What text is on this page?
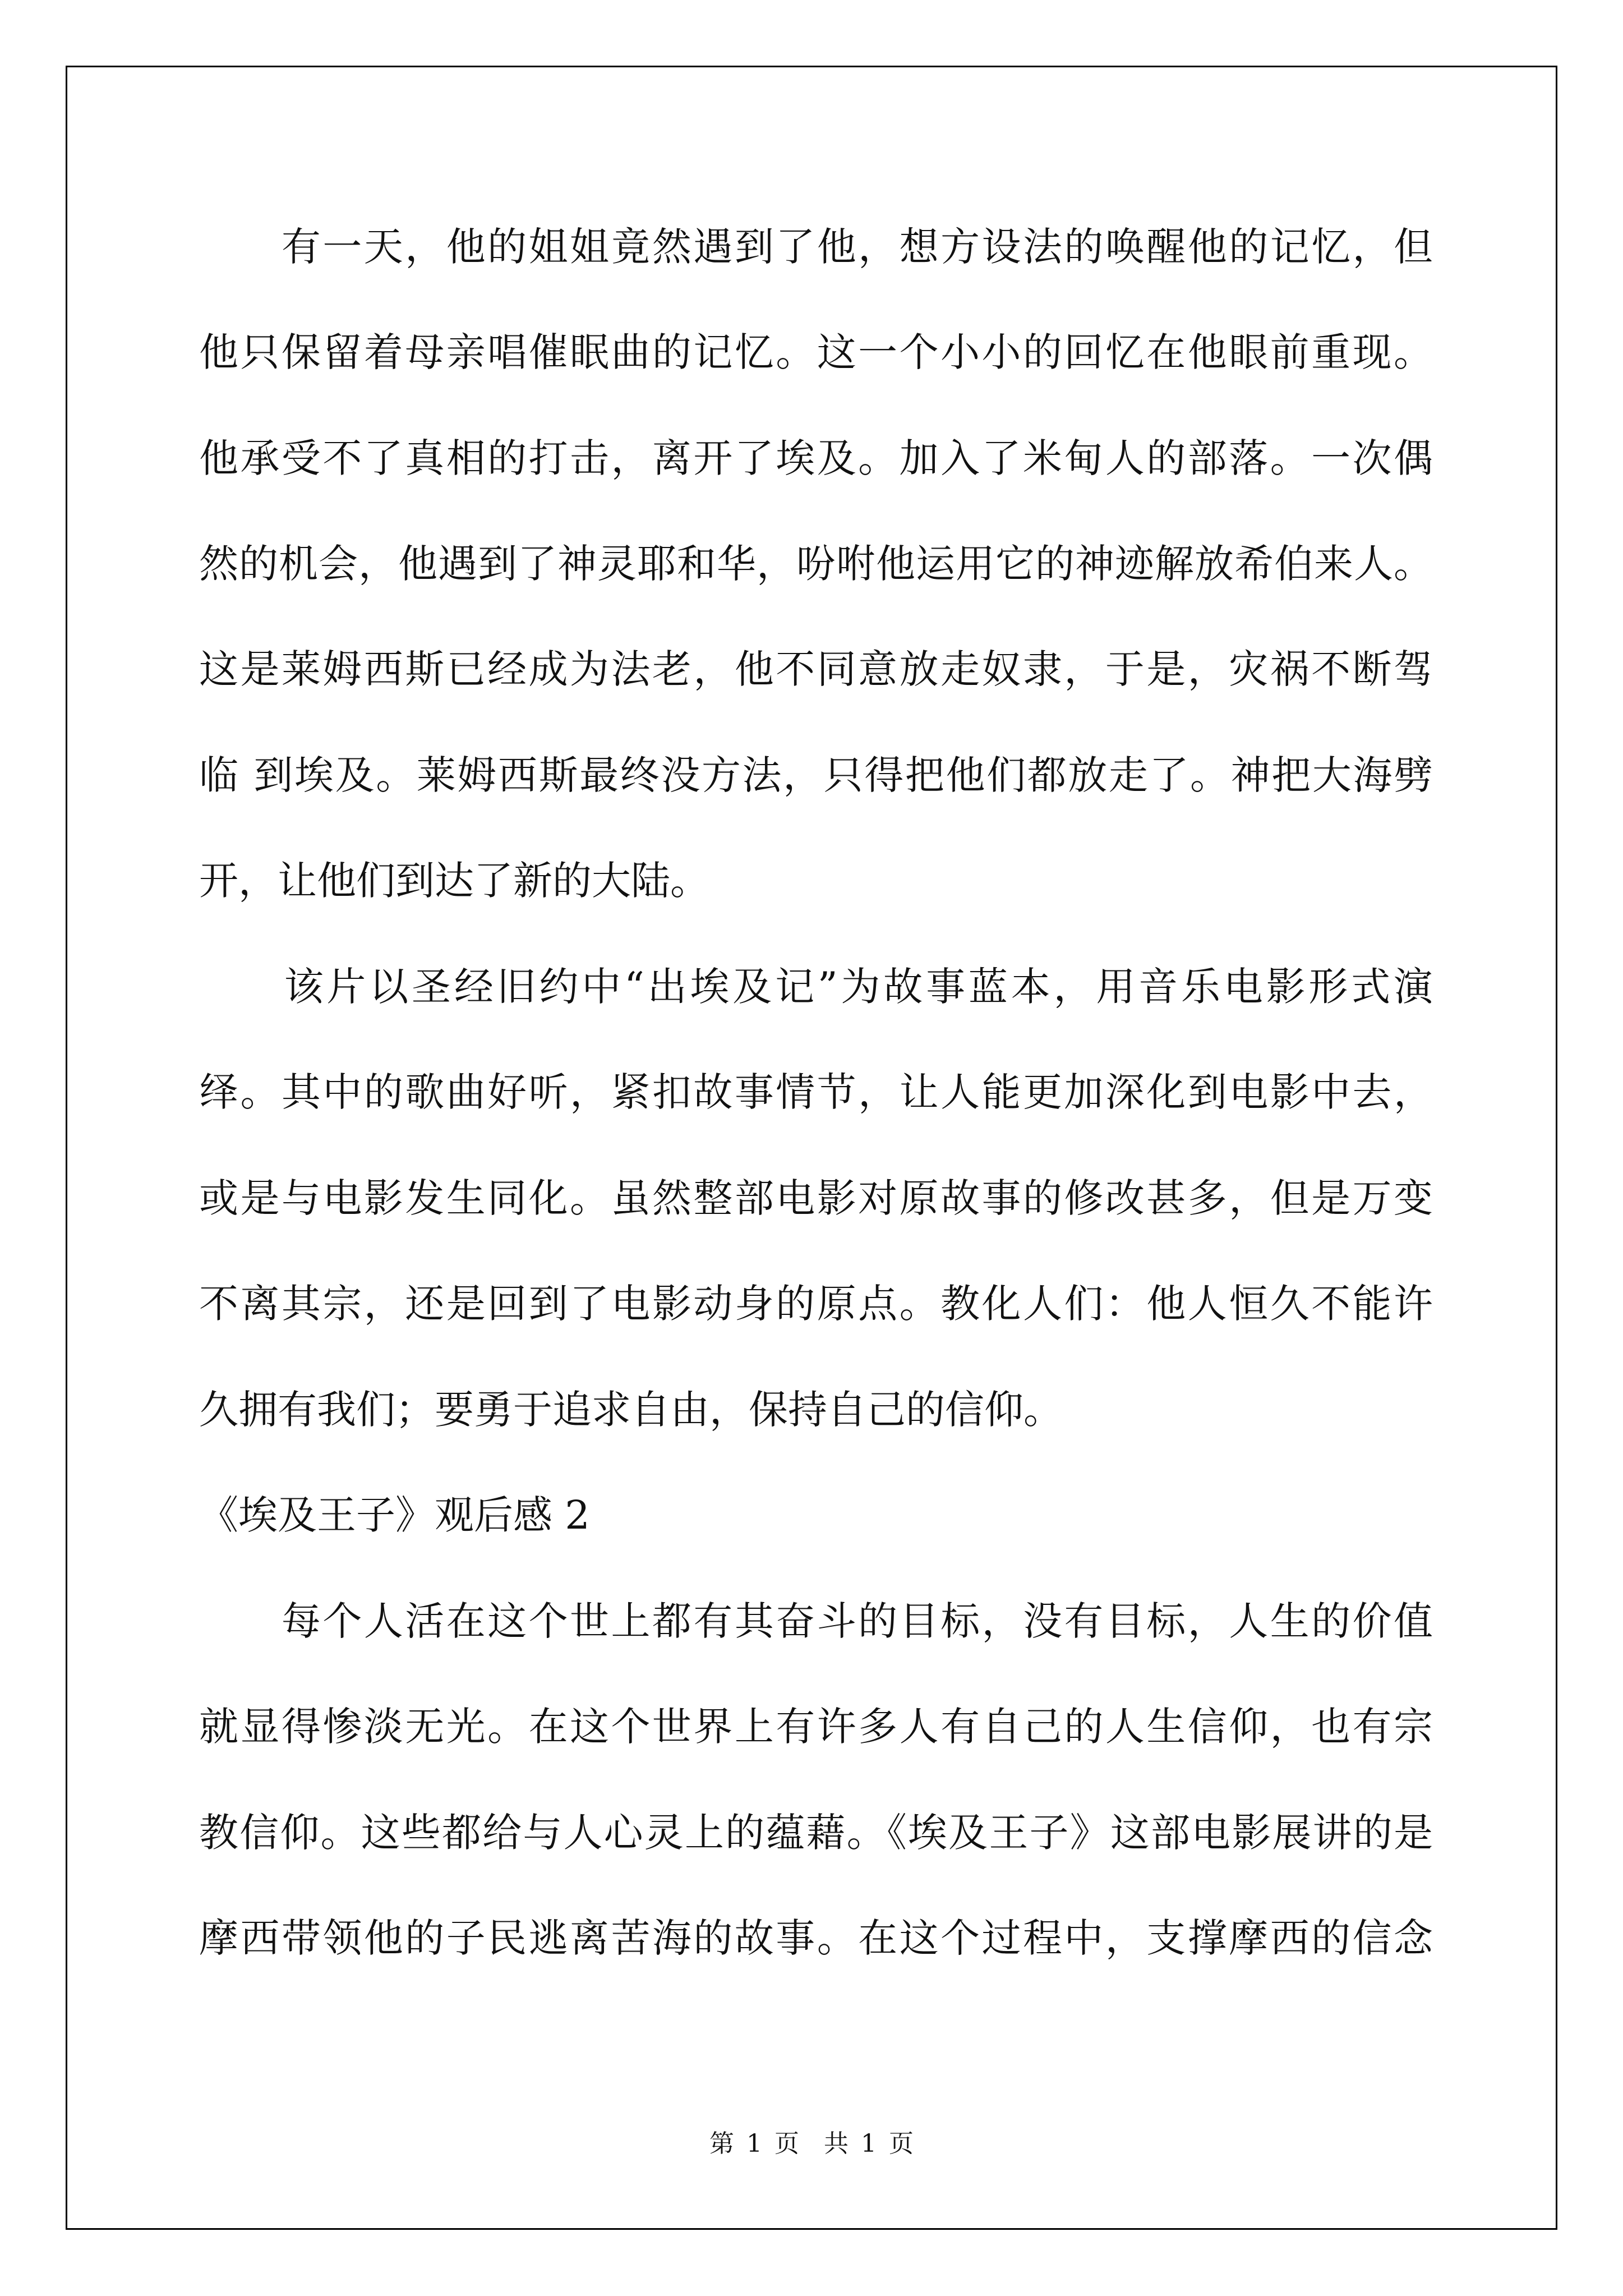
　　有一天，他的姐姐竟然遇到了他，想方设法的唤醒他的记忆，但
他只保留着母亲唱催眠曲的记忆。这一个小小的回忆在他眼前重现。
他承受不了真相的打击，离开了埃及。加入了米甸人的部落。一次偶
然的机会，他遇到了神灵耶和华，吩咐他运用它的神迹解放希伯来人。
这是莱姆西斯已经成为法老，他不同意放走奴隶，于是，灾祸不断驾
临 到埃及。莱姆西斯最终没方法，只得把他们都放走了。神把大海劈
开，让他们到达了新的大陆。
　　该片以圣经旧约中“出埃及记”为故事蓝本，用音乐电影形式演
绎。其中的歌曲好听，紧扣故事情节，让人能更加深化到电影中去，
或是与电影发生同化。虽然整部电影对原故事的修改甚多，但是万变
不离其宗，还是回到了电影动身的原点。教化人们：他人恒久不能许
久拥有我们；要勇于追求自由，保持自己的信仰。
《埃及王子》观后感 2
　　每个人活在这个世上都有其奋斗的目标，没有目标，人生的价值
就显得惨淡无光。在这个世界上有许多人有自己的人生信仰，也有宗
教信仰。这些都给与人心灵上的蕴藉。《埃及王子》这部电影展讲的是
摩西带领他的子民逃离苦海的故事。在这个过程中，支撑摩西的信念
第 1 页　共 1 页
